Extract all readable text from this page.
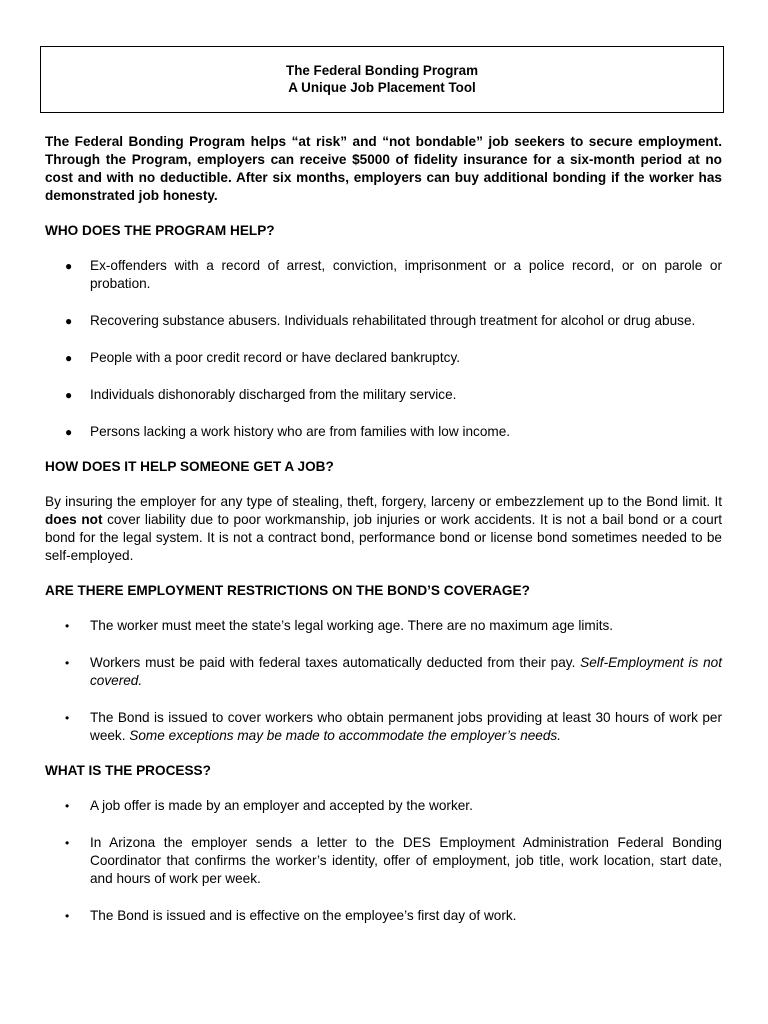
The Federal Bonding Program
A Unique Job Placement Tool

The Federal Bonding Program helps “at risk” and “not bondable” job seekers to secure employment. Through the Program, employers can receive $5000 of fidelity insurance for a six-month period at no cost and with no deductible. After six months, employers can buy additional bonding if the worker has demonstrated job honesty.

WHO DOES THE PROGRAM HELP?

● Ex-offenders with a record of arrest, conviction, imprisonment or a police record, or on parole or probation.
● Recovering substance abusers. Individuals rehabilitated through treatment for alcohol or drug abuse.
● People with a poor credit record or have declared bankruptcy.
● Individuals dishonorably discharged from the military service.
● Persons lacking a work history who are from families with low income.

HOW DOES IT HELP SOMEONE GET A JOB?

By insuring the employer for any type of stealing, theft, forgery, larceny or embezzlement up to the Bond limit. It does not cover liability due to poor workmanship, job injuries or work accidents. It is not a bail bond or a court bond for the legal system. It is not a contract bond, performance bond or license bond sometimes needed to be self-employed.

ARE THERE EMPLOYMENT RESTRICTIONS ON THE BOND’S COVERAGE?

• The worker must meet the state’s legal working age. There are no maximum age limits.
• Workers must be paid with federal taxes automatically deducted from their pay. Self-Employment is not covered.
• The Bond is issued to cover workers who obtain permanent jobs providing at least 30 hours of work per week. Some exceptions may be made to accommodate the employer’s needs.

WHAT IS THE PROCESS?

• A job offer is made by an employer and accepted by the worker.
• In Arizona the employer sends a letter to the DES Employment Administration Federal Bonding Coordinator that confirms the worker’s identity, offer of employment, job title, work location, start date, and hours of work per week.
• The Bond is issued and is effective on the employee’s first day of work.
